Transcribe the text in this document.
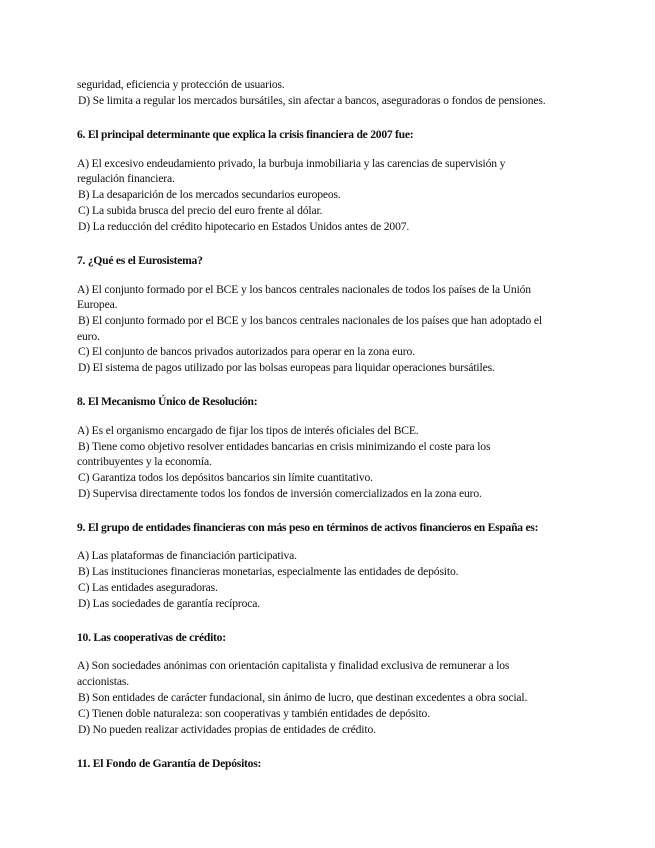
seguridad, eficiencia y protección de usuarios.
D) Se limita a regular los mercados bursátiles, sin afectar a bancos, aseguradoras o fondos de pensiones.
6. El principal determinante que explica la crisis financiera de 2007 fue:
A) El excesivo endeudamiento privado, la burbuja inmobiliaria y las carencias de supervisión y
regulación financiera.
B) La desaparición de los mercados secundarios europeos.
C) La subida brusca del precio del euro frente al dólar.
D) La reducción del crédito hipotecario en Estados Unidos antes de 2007.
7. ¿Qué es el Eurosistema?
A) El conjunto formado por el BCE y los bancos centrales nacionales de todos los países de la Unión
Europea.
B) El conjunto formado por el BCE y los bancos centrales nacionales de los países que han adoptado el
euro.
C) El conjunto de bancos privados autorizados para operar en la zona euro.
D) El sistema de pagos utilizado por las bolsas europeas para liquidar operaciones bursátiles.
8. El Mecanismo Único de Resolución:
A) Es el organismo encargado de fijar los tipos de interés oficiales del BCE.
B) Tiene como objetivo resolver entidades bancarias en crisis minimizando el coste para los
contribuyentes y la economía.
C) Garantiza todos los depósitos bancarios sin límite cuantitativo.
D) Supervisa directamente todos los fondos de inversión comercializados en la zona euro.
9. El grupo de entidades financieras con más peso en términos de activos financieros en España es:
A) Las plataformas de financiación participativa.
B) Las instituciones financieras monetarias, especialmente las entidades de depósito.
C) Las entidades aseguradoras.
D) Las sociedades de garantía recíproca.
10. Las cooperativas de crédito:
A) Son sociedades anónimas con orientación capitalista y finalidad exclusiva de remunerar a los
accionistas.
B) Son entidades de carácter fundacional, sin ánimo de lucro, que destinan excedentes a obra social.
C) Tienen doble naturaleza: son cooperativas y también entidades de depósito.
D) No pueden realizar actividades propias de entidades de crédito.
11. El Fondo de Garantía de Depósitos:
